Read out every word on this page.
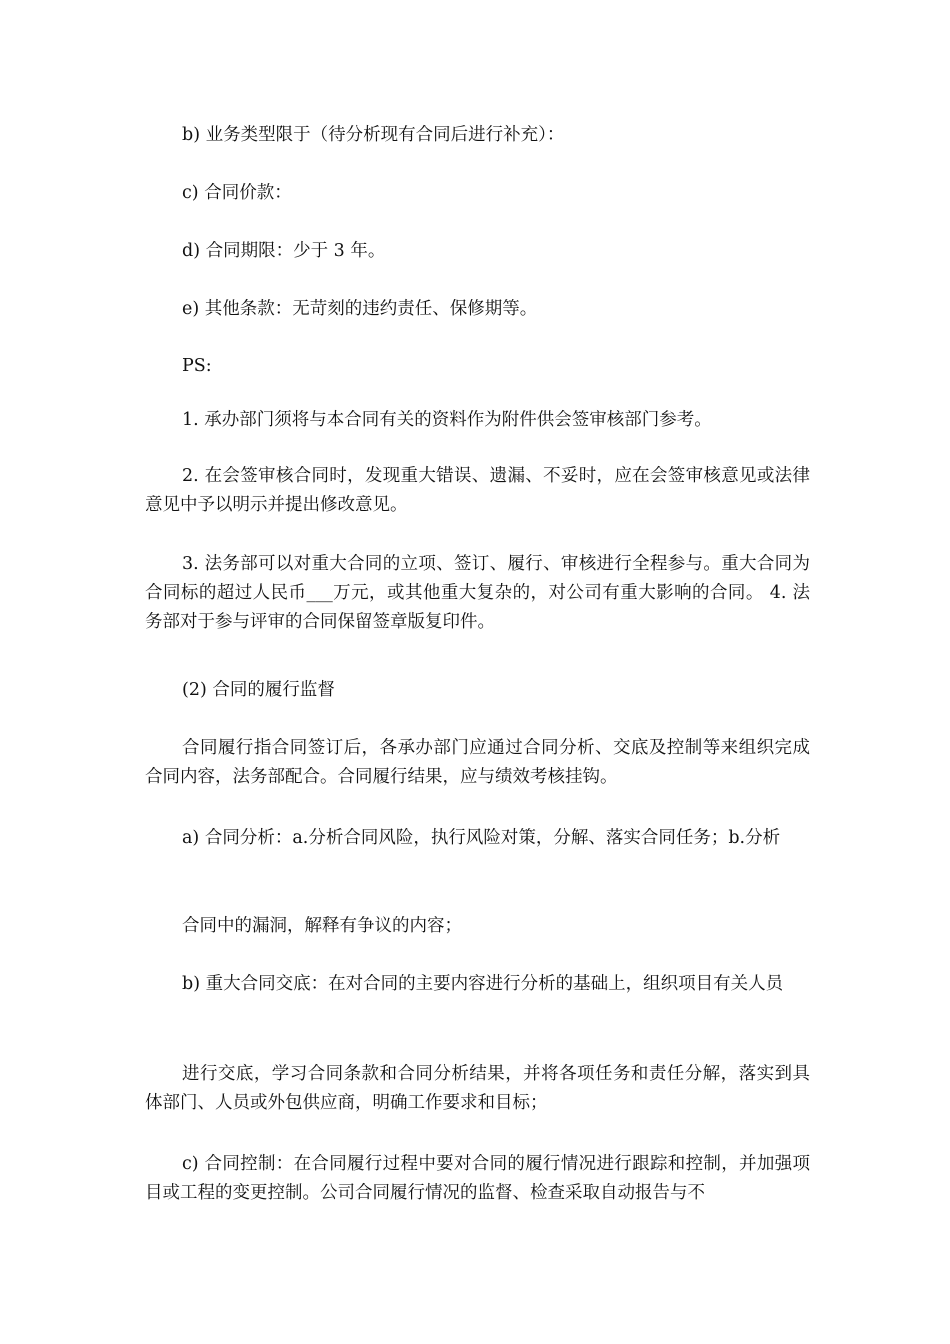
b) 业务类型限于（待分析现有合同后进行补充）：

c) 合同价款：

d) 合同期限：少于 3 年。

e) 其他条款：无苛刻的违约责任、保修期等。

PS:

1. 承办部门须将与本合同有关的资料作为附件供会签审核部门参考。

2. 在会签审核合同时，发现重大错误、遗漏、不妥时，应在会签审核意见或法律意见中予以明示并提出修改意见。

3. 法务部可以对重大合同的立项、签订、履行、审核进行全程参与。重大合同为合同标的超过人民币___万元，或其他重大复杂的，对公司有重大影响的合同。 4. 法务部对于参与评审的合同保留签章版复印件。

(2) 合同的履行监督

合同履行指合同签订后，各承办部门应通过合同分析、交底及控制等来组织完成合同内容，法务部配合。合同履行结果，应与绩效考核挂钩。

a) 合同分析：a.分析合同风险，执行风险对策，分解、落实合同任务；b.分析

合同中的漏洞，解释有争议的内容；

b) 重大合同交底：在对合同的主要内容进行分析的基础上，组织项目有关人员

进行交底，学习合同条款和合同分析结果，并将各项任务和责任分解，落实到具体部门、人员或外包供应商，明确工作要求和目标；

c) 合同控制：在合同履行过程中要对合同的履行情况进行跟踪和控制，并加强项目或工程的变更控制。公司合同履行情况的监督、检查采取自动报告与不
